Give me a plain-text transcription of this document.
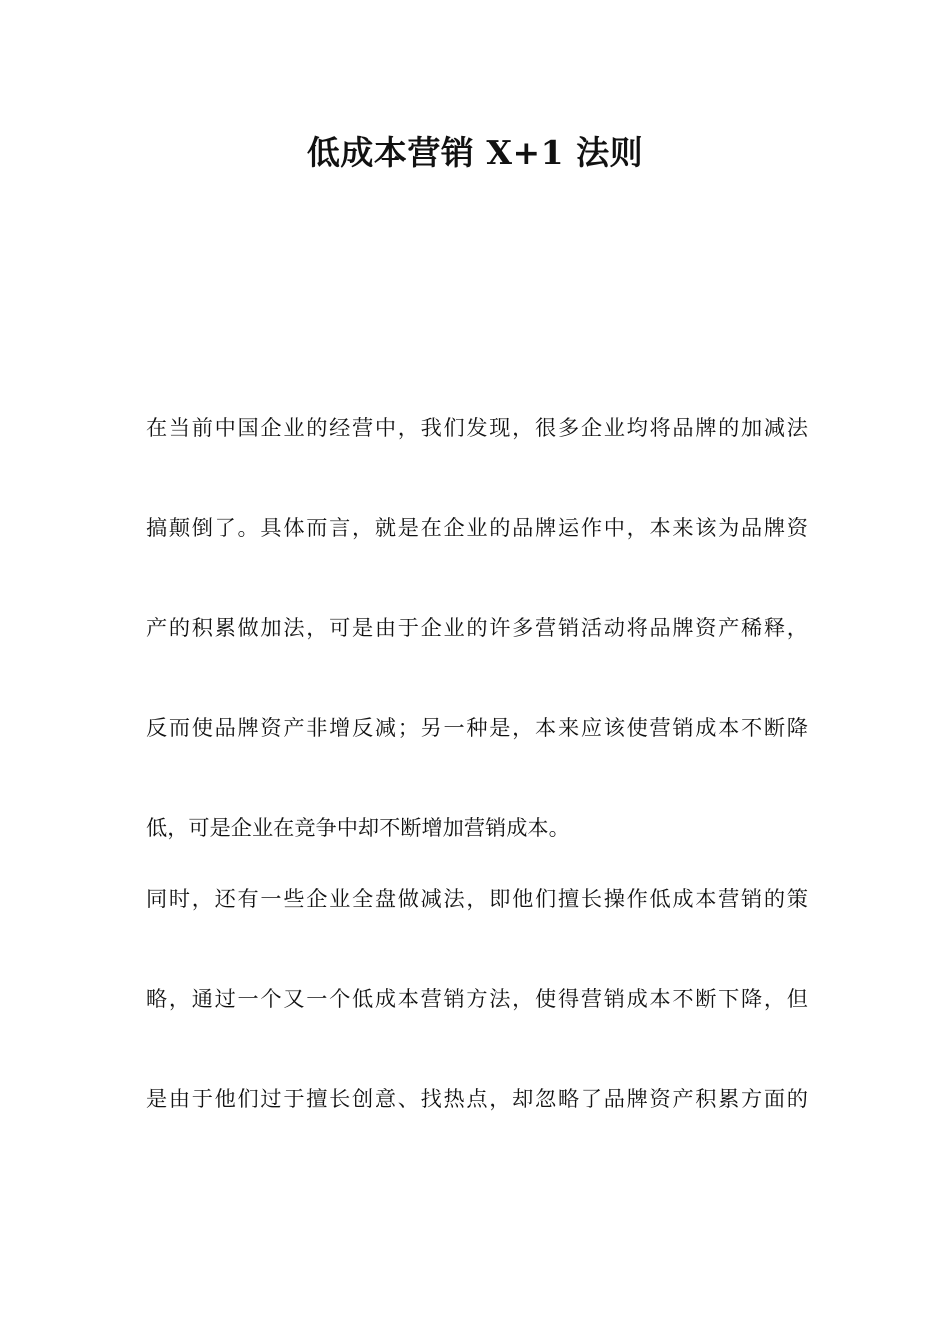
低成本营销 X+1 法则

在当前中国企业的经营中，我们发现，很多企业均将品牌的加减法

搞颠倒了。具体而言，就是在企业的品牌运作中，本来该为品牌资

产的积累做加法，可是由于企业的许多营销活动将品牌资产稀释，

反而使品牌资产非增反减；另一种是，本来应该使营销成本不断降

低，可是企业在竞争中却不断增加营销成本。

同时，还有一些企业全盘做减法，即他们擅长操作低成本营销的策

略，通过一个又一个低成本营销方法，使得营销成本不断下降，但

是由于他们过于擅长创意、找热点，却忽略了品牌资产积累方面的
